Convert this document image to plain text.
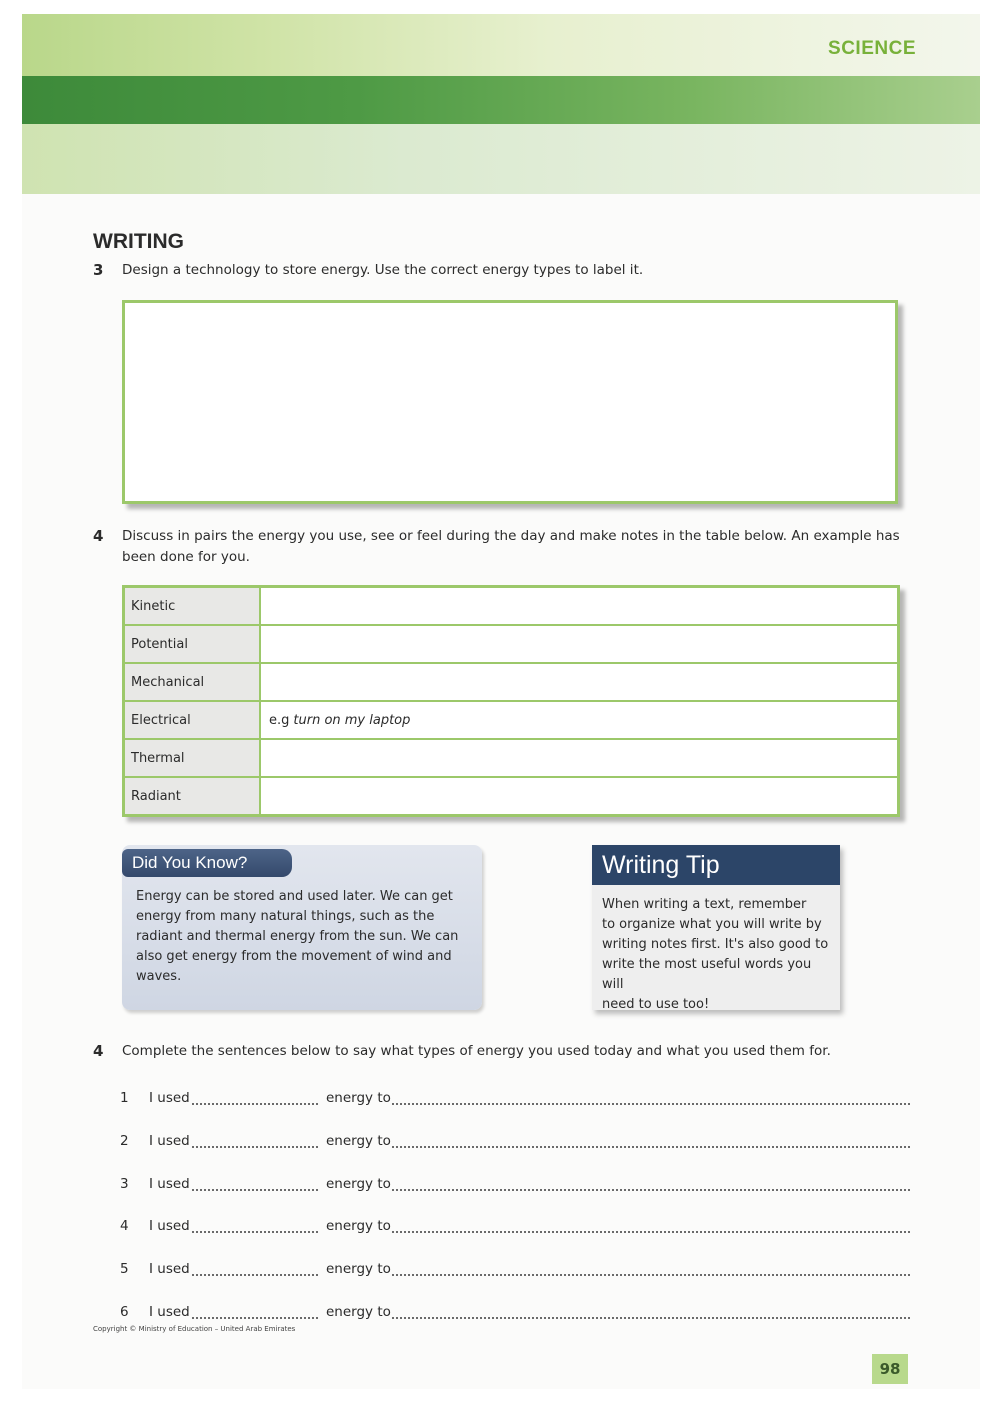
SCIENCE
WRITING
3 Design a technology to store energy. Use the correct energy types to label it.
4 Discuss in pairs the energy you use, see or feel during the day and make notes in the table below. An example has
been done for you.
Kinetic
Potential
Mechanical
Electrical	e.g turn on my laptop
Thermal
Radiant
Did You Know?
Energy can be stored and used later. We can get
energy from many natural things, such as the
radiant and thermal energy from the sun. We can
also get energy from the movement of wind and
waves.
Writing Tip
When writing a text, remember
to organize what you will write by
writing notes first. It's also good to
write the most useful words you will
need to use too!
4 Complete the sentences below to say what types of energy you used today and what you used them for.
1 I used	energy to
2 I used	energy to
3 I used	energy to
4 I used	energy to
5 I used	energy to
6 I used	energy to
Copyright © Ministry of Education – United Arab Emirates
98
